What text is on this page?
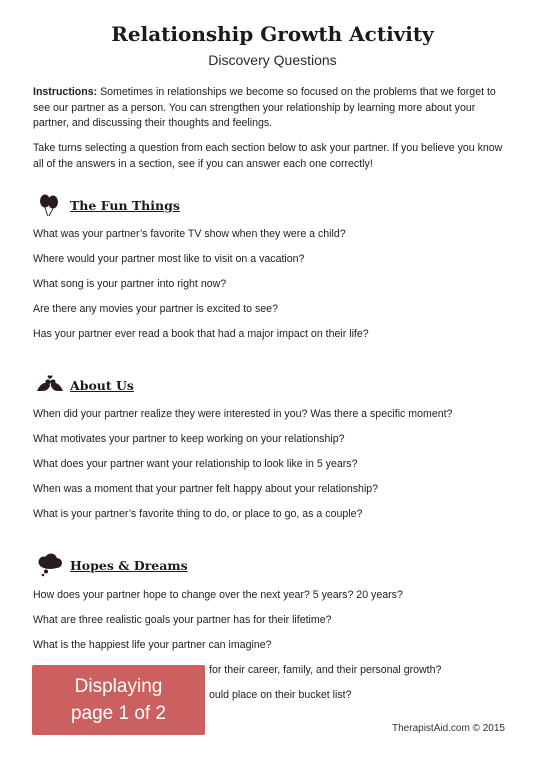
Relationship Growth Activity
Discovery Questions
Instructions: Sometimes in relationships we become so focused on the problems that we forget to see our partner as a person. You can strengthen your relationship by learning more about your partner, and discussing their thoughts and feelings.
Take turns selecting a question from each section below to ask your partner. If you believe you know all of the answers in a section, see if you can answer each one correctly!
The Fun Things
What was your partner’s favorite TV show when they were a child?
Where would your partner most like to visit on a vacation?
What song is your partner into right now?
Are there any movies your partner is excited to see?
Has your partner ever read a book that had a major impact on their life?
About Us
When did your partner realize they were interested in you? Was there a specific moment?
What motivates your partner to keep working on your relationship?
What does your partner want your relationship to look like in 5 years?
When was a moment that your partner felt happy about your relationship?
What is your partner’s favorite thing to do, or place to go, as a couple?
Hopes & Dreams
How does your partner hope to change over the next year? 5 years? 20 years?
What are three realistic goals your partner has for their lifetime?
What is the happiest life your partner can imagine?
for their career, family, and their personal growth?
ould place on their bucket list?
TherapistAid.com © 2015
Displaying
page 1 of 2
